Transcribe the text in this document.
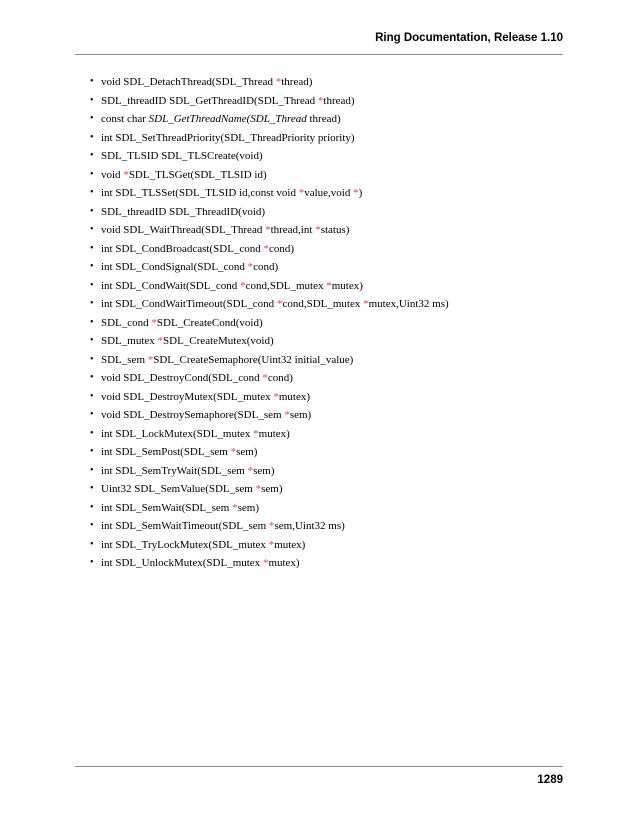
Ring Documentation, Release 1.10
• void SDL_DetachThread(SDL_Thread *thread)
• SDL_threadID SDL_GetThreadID(SDL_Thread *thread)
• const char SDL_GetThreadName(SDL_Thread thread)
• int SDL_SetThreadPriority(SDL_ThreadPriority priority)
• SDL_TLSID SDL_TLSCreate(void)
• void *SDL_TLSGet(SDL_TLSID id)
• int SDL_TLSSet(SDL_TLSID id,const void *value,void *)
• SDL_threadID SDL_ThreadID(void)
• void SDL_WaitThread(SDL_Thread *thread,int *status)
• int SDL_CondBroadcast(SDL_cond *cond)
• int SDL_CondSignal(SDL_cond *cond)
• int SDL_CondWait(SDL_cond *cond,SDL_mutex *mutex)
• int SDL_CondWaitTimeout(SDL_cond *cond,SDL_mutex *mutex,Uint32 ms)
• SDL_cond *SDL_CreateCond(void)
• SDL_mutex *SDL_CreateMutex(void)
• SDL_sem *SDL_CreateSemaphore(Uint32 initial_value)
• void SDL_DestroyCond(SDL_cond *cond)
• void SDL_DestroyMutex(SDL_mutex *mutex)
• void SDL_DestroySemaphore(SDL_sem *sem)
• int SDL_LockMutex(SDL_mutex *mutex)
• int SDL_SemPost(SDL_sem *sem)
• int SDL_SemTryWait(SDL_sem *sem)
• Uint32 SDL_SemValue(SDL_sem *sem)
• int SDL_SemWait(SDL_sem *sem)
• int SDL_SemWaitTimeout(SDL_sem *sem,Uint32 ms)
• int SDL_TryLockMutex(SDL_mutex *mutex)
• int SDL_UnlockMutex(SDL_mutex *mutex)
1289
